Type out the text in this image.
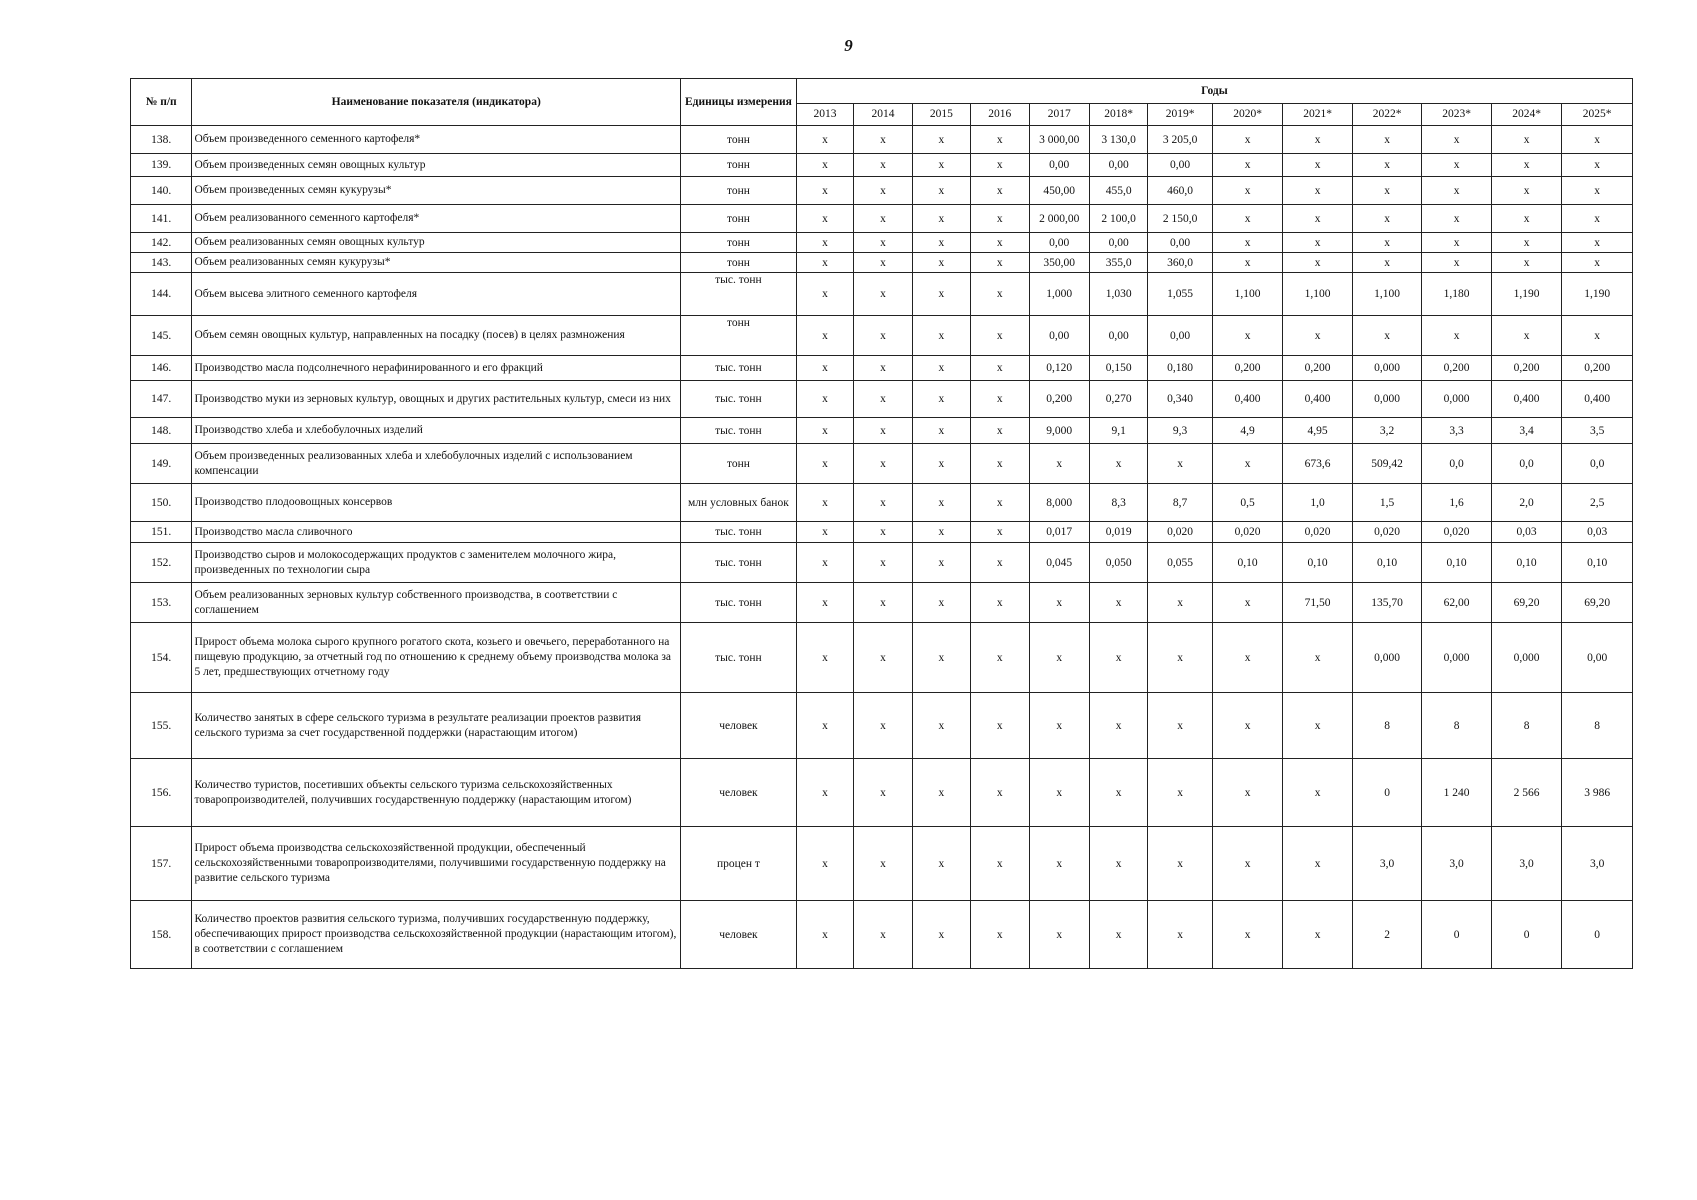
9
№ п/п	Наименование показателя (индикатора)	Единицы измерения	Годы												
			2013	2014	2015	2016	2017	2018*	2019*	2020*	2021*	2022*	2023*	2024*	2025*
138.	Объем произведенного семенного картофеля*	тонн	х	х	х	х	3 000,00	3 130,0	3 205,0	х	х	х	х	х	х
139.	Объем произведенных семян овощных культур	тонн	х	х	х	х	0,00	0,00	0,00	х	х	х	х	х	х
140.	Объем произведенных семян кукурузы*	тонн	х	х	х	х	450,00	455,0	460,0	х	х	х	х	х	х
141.	Объем реализованного семенного картофеля*	тонн	х	х	х	х	2 000,00	2 100,0	2 150,0	х	х	х	х	х	х
142.	Объем реализованных семян овощных культур	тонн	х	х	х	х	0,00	0,00	0,00	х	х	х	х	х	х
143.	Объем реализованных семян кукурузы*	тонн	х	х	х	х	350,00	355,0	360,0	х	х	х	х	х	х
144.	Объем высева элитного семенного картофеля	тыс. тонн	х	х	х	х	1,000	1,030	1,055	1,100	1,100	1,100	1,180	1,190	1,190
145.	Объем семян овощных культур, направленных на посадку (посев) в целях размножения	тонн	х	х	х	х	0,00	0,00	0,00	х	х	х	х	х	х
146.	Производство масла подсолнечного нерафинированного и его фракций	тыс. тонн	х	х	х	х	0,120	0,150	0,180	0,200	0,200	0,000	0,200	0,200	0,200
147.	Производство муки из зерновых культур, овощных и других растительных культур, смеси из них	тыс. тонн	х	х	х	х	0,200	0,270	0,340	0,400	0,400	0,000	0,000	0,400	0,400
148.	Производство хлеба и хлебобулочных изделий	тыс. тонн	х	х	х	х	9,000	9,1	9,3	4,9	4,95	3,2	3,3	3,4	3,5
149.	Объем произведенных реализованных хлеба и хлебобулочных изделий с использованием компенсации	тонн	х	х	х	х	х	х	х	х	673,6	509,42	0,0	0,0	0,0
150.	Производство плодоовощных консервов	млн условных банок	х	х	х	х	8,000	8,3	8,7	0,5	1,0	1,5	1,6	2,0	2,5
151.	Производство масла сливочного	тыс. тонн	х	х	х	х	0,017	0,019	0,020	0,020	0,020	0,020	0,020	0,03	0,03
152.	Производство сыров и молокосодержащих продуктов с заменителем молочного жира, произведенных по технологии сыра	тыс. тонн	х	х	х	х	0,045	0,050	0,055	0,10	0,10	0,10	0,10	0,10	0,10
153.	Объем реализованных зерновых культур собственного производства, в соответствии с соглашением	тыс. тонн	х	х	х	х	х	х	х	х	71,50	135,70	62,00	69,20	69,20
154.	Прирост объема молока сырого крупного рогатого скота, козьего и овечьего, переработанного на пищевую продукцию, за отчетный год по отношению к среднему объему производства молока за 5 лет, предшествующих отчетному году	тыс. тонн	х	х	х	х	х	х	х	х	х	0,000	0,000	0,000	0,00
155.	Количество занятых в сфере сельского туризма в результате реализации проектов развития сельского туризма за счет государственной поддержки (нарастающим итогом)	человек	х	х	х	х	х	х	х	х	х	8	8	8	8
156.	Количество туристов, посетивших объекты сельского туризма сельскохозяйственных товаропроизводителей, получивших государственную поддержку (нарастающим итогом)	человек	х	х	х	х	х	х	х	х	х	0	1 240	2 566	3 986
157.	Прирост объема производства сельскохозяйственной продукции, обеспеченный сельскохозяйственными товаропроизводителями, получившими государственную поддержку на развитие сельского туризма	процен т	х	х	х	х	х	х	х	х	х	3,0	3,0	3,0	3,0
158.	Количество проектов развития сельского туризма, получивших государственную поддержку, обеспечивающих прирост производства сельскохозяйственной продукции (нарастающим итогом), в соответствии с соглашением	человек	х	х	х	х	х	х	х	х	х	2	0	0	0
